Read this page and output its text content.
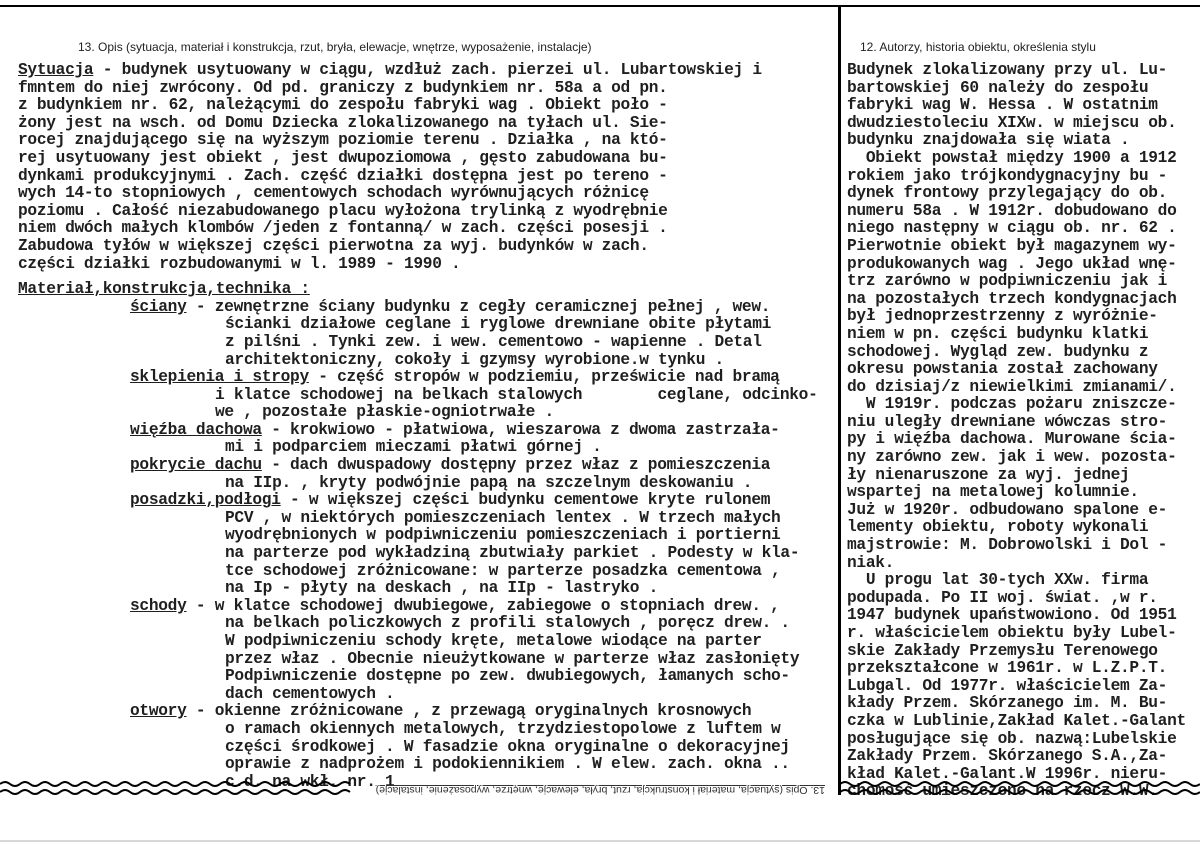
13. Opis (sytuacja, materiał i konstrukcja, rzut, bryła, elewacje, wnętrze, wyposażenie, instalacje)	12. Autorzy, historia obiektu, określenia stylu
Sytuacja - budynek usytuowany w ciągu, wzdłuż zach. pierzei ul. Lubartowskiej i
fmntem do niej zwrócony. Od pd. graniczy z budynkiem nr. 58a a od pn.
z budynkiem nr. 62, należącymi do zespołu fabryki wag . Obiekt poło -
żony jest na wsch. od Domu Dziecka zlokalizowanego na tyłach ul. Sie-
rocej znajdującego się na wyższym poziomie terenu . Działka , na któ-
rej usytuowany jest obiekt , jest dwupoziomowa , gęsto zabudowana bu-
dynkami produkcyjnymi . Zach. część działki dostępna jest po tereno -
wych 14-to stopniowych , cementowych schodach wyrównujących różnicę
poziomu . Całość niezabudowanego placu wyłożona trylinką z wyodrębnie
niem dwóch małych klombów /jeden z fontanną/ w zach. części posesji .
Zabudowa tyłów w większej części pierwotna za wyj. budynków w zach.
części działki rozbudowanymi w l. 1989 - 1990 .
Materiał,konstrukcja,technika :
ściany - zewnętrzne ściany budynku z cegły ceramicznej pełnej , wew.
ścianki działowe ceglane i ryglowe drewniane obite płytami
z pilśni . Tynki zew. i wew. cementowo - wapienne . Detal
architektoniczny, cokoły i gzymsy wyrobione.w tynku .
sklepienia i stropy - część stropów w podziemiu, prześwicie nad bramą
i klatce schodowej na belkach stalowych        ceglane, odcinko-
we , pozostałe płaskie-ogniotrwałe .
więźba dachowa - krokwiowo - płatwiowa, wieszarowa z dwoma zastrzała-
mi i podparciem mieczami płatwi górnej .
pokrycie dachu - dach dwuspadowy dostępny przez właz z pomieszczenia
na IIp. , kryty podwójnie papą na szczelnym deskowaniu .
posadzki,podłogi - w większej części budynku cementowe kryte rulonem
PCV , w niektórych pomieszczeniach lentex . W trzech małych
wyodrębnionych w podpiwniczeniu pomieszczeniach i portierni
na parterze pod wykładziną zbutwiały parkiet . Podesty w kla-
tce schodowej zróżnicowane: w parterze posadzka cementowa ,
na Ip - płyty na deskach , na IIp - lastryko .
schody - w klatce schodowej dwubiegowe, zabiegowe o stopniach drew. ,
na belkach policzkowych z profili stalowych , poręcz drew. .
W podpiwniczeniu schody kręte, metalowe wiodące na parter
przez właz . Obecnie nieużytkowane w parterze właz zasłonięty
Podpiwniczenie dostępne po zew. dwubiegowych, łamanych scho-
dach cementowych .
otwory - okienne zróżnicowane , z przewagą oryginalnych krosnowych
o ramach okiennych metalowych, trzydziestopolowe z luftem w
części środkowej . W fasadzie okna oryginalne o dekoracyjnej
oprawie z nadprożem i podokiennikiem . W elew. zach. okna ..
c.d. na wkł. nr. 1
Budynek zlokalizowany przy ul. Lu-
bartowskiej 60 należy do zespołu
fabryki wag W. Hessa . W ostatnim
dwudziestoleciu XIXw. w miejscu ob.
budynku znajdowała się wiata .
Obiekt powstał między 1900 a 1912
rokiem jako trójkondygnacyjny bu -
dynek frontowy przylegający do ob.
numeru 58a . W 1912r. dobudowano do
niego następny w ciągu ob. nr. 62 .
Pierwotnie obiekt był magazynem wy-
produkowanych wag . Jego układ wnę-
trz zarówno w podpiwniczeniu jak i
na pozostałych trzech kondygnacjach
był jednoprzestrzenny z wyróżnie-
niem w pn. części budynku klatki
schodowej. Wygląd zew. budynku z
okresu powstania został zachowany
do dzisiaj/z niewielkimi zmianami/.
W 1919r. podczas pożaru zniszcze-
niu uległy drewniane wówczas stro-
py i więźba dachowa. Murowane ścia-
ny zarówno zew. jak i wew. pozosta-
ły nienaruszone za wyj. jednej
wspartej na metalowej kolumnie.
Już w 1920r. odbudowano spalone e-
lementy obiektu, roboty wykonali
majstrowie: M. Dobrowolski i Dol -
niak.
U progu lat 30-tych XXw. firma
podupada. Po II woj. świat. ,w r.
1947 budynek upaństwowiono. Od 1951
r. właścicielem obiektu były Lubel-
skie Zakłady Przemysłu Terenowego
przekształcone w 1961r. w L.Z.P.T.
Lubgal. Od 1977r. właścicielem Za-
kłady Przem. Skórzanego im. M. Bu-
czka w Lublinie,Zakład Kalet.-Galant
posługujące się ob. nazwą:Lubelskie
Zakłady Przem. Skórzanego S.A.,Za-
kład Kalet.-Galant.W 1996r. nieru-
chomość umieszczono na rzecz W.W.
13. Opis (sytuacja, materiał i konstrukcja, rzut, bryła, elewacje, wnętrze, wyposażenie, instalacje)
